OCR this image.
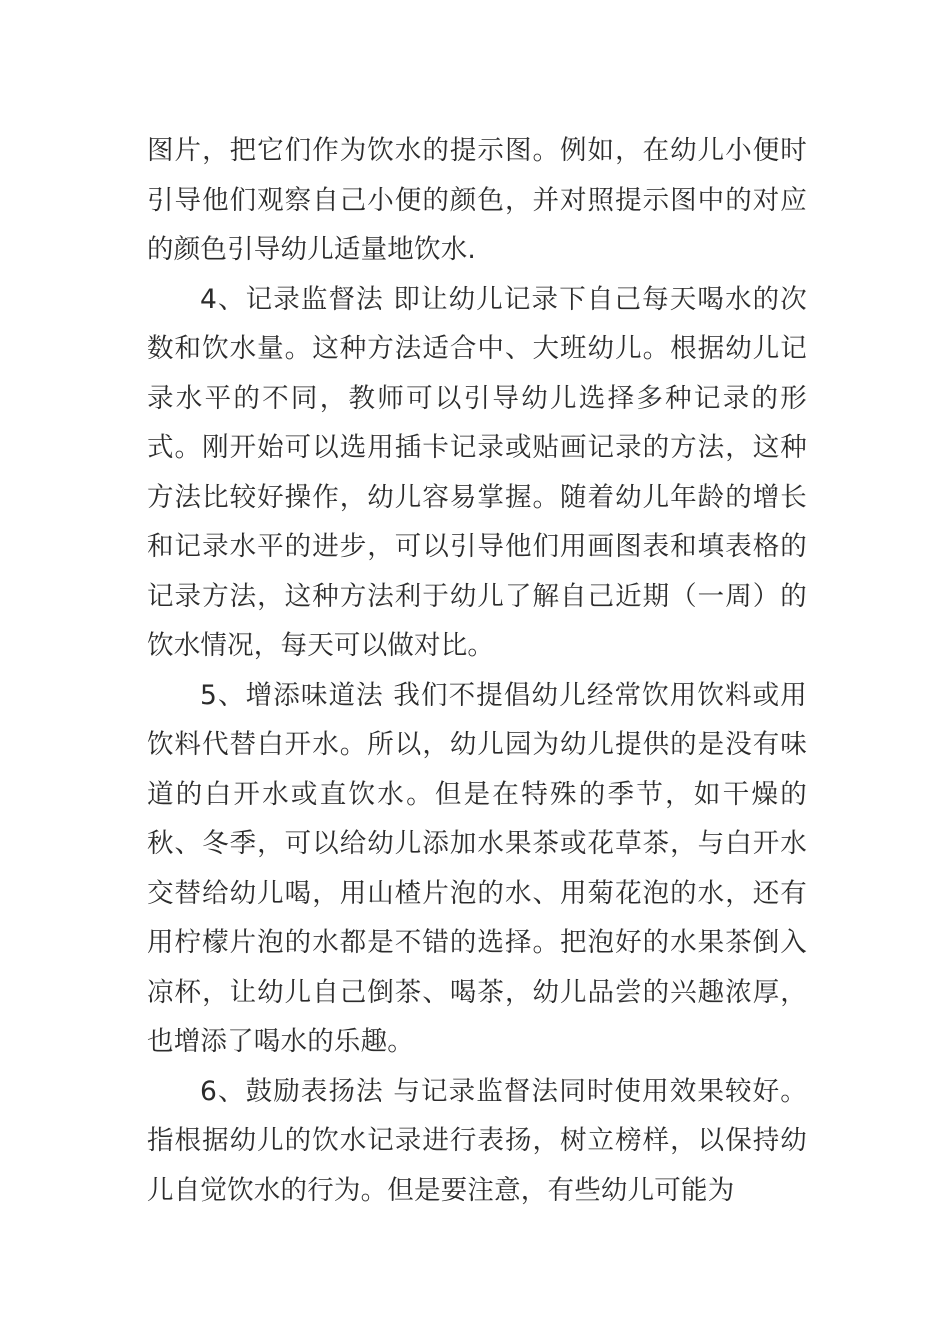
图片，把它们作为饮水的提示图。例如，在幼儿小便时引导他们观察自己小便的颜色，并对照提示图中的对应的颜色引导幼儿适量地饮水.

4、记录监督法 即让幼儿记录下自己每天喝水的次数和饮水量。这种方法适合中、大班幼儿。根据幼儿记录水平的不同，教师可以引导幼儿选择多种记录的形式。刚开始可以选用插卡记录或贴画记录的方法，这种方法比较好操作，幼儿容易掌握。随着幼儿年龄的增长和记录水平的进步，可以引导他们用画图表和填表格的记录方法，这种方法利于幼儿了解自己近期（一周）的饮水情况，每天可以做对比。

5、增添味道法 我们不提倡幼儿经常饮用饮料或用饮料代替白开水。所以，幼儿园为幼儿提供的是没有味道的白开水或直饮水。但是在特殊的季节，如干燥的秋、冬季，可以给幼儿添加水果茶或花草茶，与白开水交替给幼儿喝，用山楂片泡的水、用菊花泡的水，还有用柠檬片泡的水都是不错的选择。把泡好的水果茶倒入凉杯，让幼儿自己倒茶、喝茶，幼儿品尝的兴趣浓厚，也增添了喝水的乐趣。

6、鼓励表扬法 与记录监督法同时使用效果较好。指根据幼儿的饮水记录进行表扬，树立榜样，以保持幼儿自觉饮水的行为。但是要注意，有些幼儿可能为
